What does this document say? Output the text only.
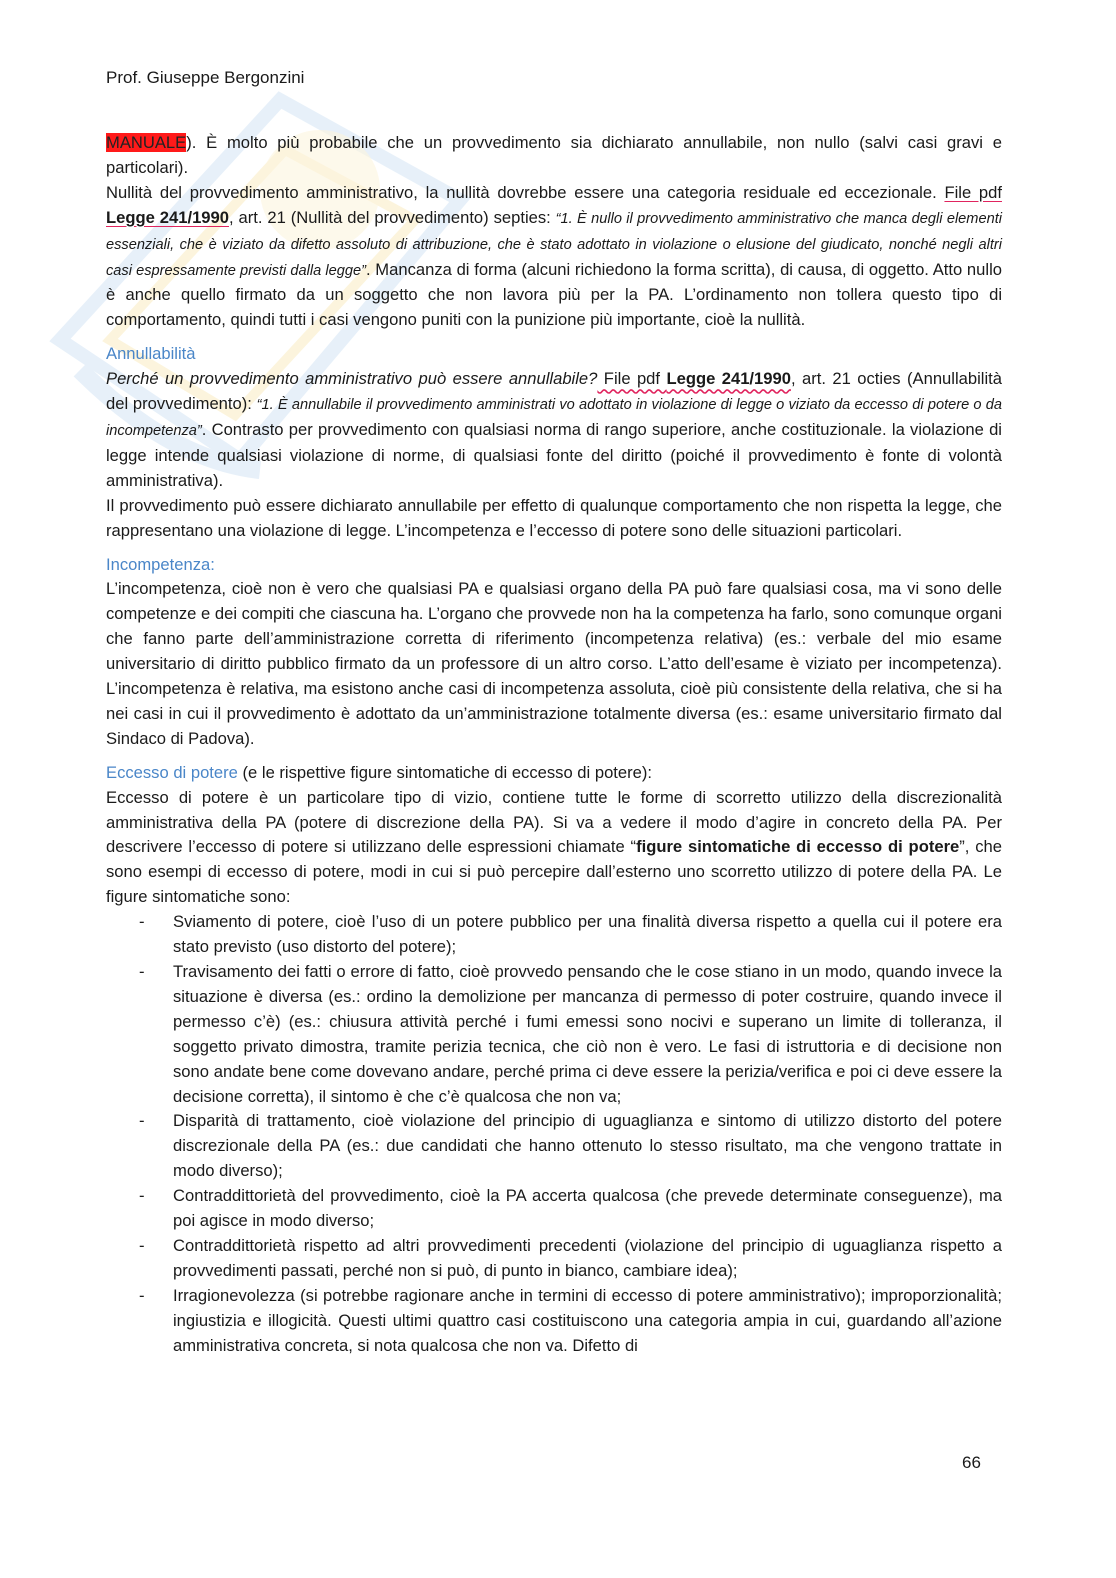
Prof. Giuseppe Bergonzini

MANUALE). È molto più probabile che un provvedimento sia dichiarato annullabile, non nullo (salvi casi gravi e particolari).

Nullità del provvedimento amministrativo, la nullità dovrebbe essere una categoria residuale ed eccezionale. File pdf Legge 241/1990, art. 21 (Nullità del provvedimento) septies: “1. È nullo il provvedimento amministrativo che manca degli elementi essenziali, che è viziato da difetto assoluto di attribuzione, che è stato adottato in violazione o elusione del giudicato, nonché negli altri casi espressamente previsti dalla legge”. Mancanza di forma (alcuni richiedono la forma scritta), di causa, di oggetto. Atto nullo è anche quello firmato da un soggetto che non lavora più per la PA. L’ordinamento non tollera questo tipo di comportamento, quindi tutti i casi vengono puniti con la punizione più importante, cioè la nullità.

Annullabilità

Perché un provvedimento amministrativo può essere annullabile? File pdf Legge 241/1990, art. 21 octies (Annullabilità del provvedimento): “1. È annullabile il provvedimento amministrati vo adottato in violazione di legge o viziato da eccesso di potere o da incompetenza”. Contrasto per provvedimento con qualsiasi norma di rango superiore, anche costituzionale. la violazione di legge intende qualsiasi violazione di norme, di qualsiasi fonte del diritto (poiché il provvedimento è fonte di volontà amministrativa).

Il provvedimento può essere dichiarato annullabile per effetto di qualunque comportamento che non rispetta la legge, che rappresentano una violazione di legge. L’incompetenza e l’eccesso di potere sono delle situazioni particolari.

Incompetenza:

L’incompetenza, cioè non è vero che qualsiasi PA e qualsiasi organo della PA può fare qualsiasi cosa, ma vi sono delle competenze e dei compiti che ciascuna ha. L’organo che provvede non ha la competenza ha farlo, sono comunque organi che fanno parte dell’amministrazione corretta di riferimento (incompetenza relativa) (es.: verbale del mio esame universitario di diritto pubblico firmato da un professore di un altro corso. L’atto dell’esame è viziato per incompetenza). L’incompetenza è relativa, ma esistono anche casi di incompetenza assoluta, cioè più consistente della relativa, che si ha nei casi in cui il provvedimento è adottato da un’amministrazione totalmente diversa (es.: esame universitario firmato dal Sindaco di Padova).

Eccesso di potere (e le rispettive figure sintomatiche di eccesso di potere):

Eccesso di potere è un particolare tipo di vizio, contiene tutte le forme di scorretto utilizzo della discrezionalità amministrativa della PA (potere di discrezione della PA). Si va a vedere il modo d’agire in concreto della PA. Per descrivere l’eccesso di potere si utilizzano delle espressioni chiamate “figure sintomatiche di eccesso di potere”, che sono esempi di eccesso di potere, modi in cui si può percepire dall’esterno uno scorretto utilizzo di potere della PA. Le figure sintomatiche sono:

- Sviamento di potere, cioè l’uso di un potere pubblico per una finalità diversa rispetto a quella cui il potere era stato previsto (uso distorto del potere);
- Travisamento dei fatti o errore di fatto, cioè provvedo pensando che le cose stiano in un modo, quando invece la situazione è diversa (es.: ordino la demolizione per mancanza di permesso di poter costruire, quando invece il permesso c’è) (es.: chiusura attività perché i fumi emessi sono nocivi e superano un limite di tolleranza, il soggetto privato dimostra, tramite perizia tecnica, che ciò non è vero. Le fasi di istruttoria e di decisione non sono andate bene come dovevano andare, perché prima ci deve essere la perizia/verifica e poi ci deve essere la decisione corretta), il sintomo è che c’è qualcosa che non va;
- Disparità di trattamento, cioè violazione del principio di uguaglianza e sintomo di utilizzo distorto del potere discrezionale della PA (es.: due candidati che hanno ottenuto lo stesso risultato, ma che vengono trattate in modo diverso);
- Contraddittorietà del provvedimento, cioè la PA accerta qualcosa (che prevede determinate conseguenze), ma poi agisce in modo diverso;
- Contraddittorietà rispetto ad altri provvedimenti precedenti (violazione del principio di uguaglianza rispetto a provvedimenti passati, perché non si può, di punto in bianco, cambiare idea);
- Irragionevolezza (si potrebbe ragionare anche in termini di eccesso di potere amministrativo); improporzionalità; ingiustizia e illogicità. Questi ultimi quattro casi costituiscono una categoria ampia in cui, guardando all’azione amministrativa concreta, si nota qualcosa che non va. Difetto di
66
